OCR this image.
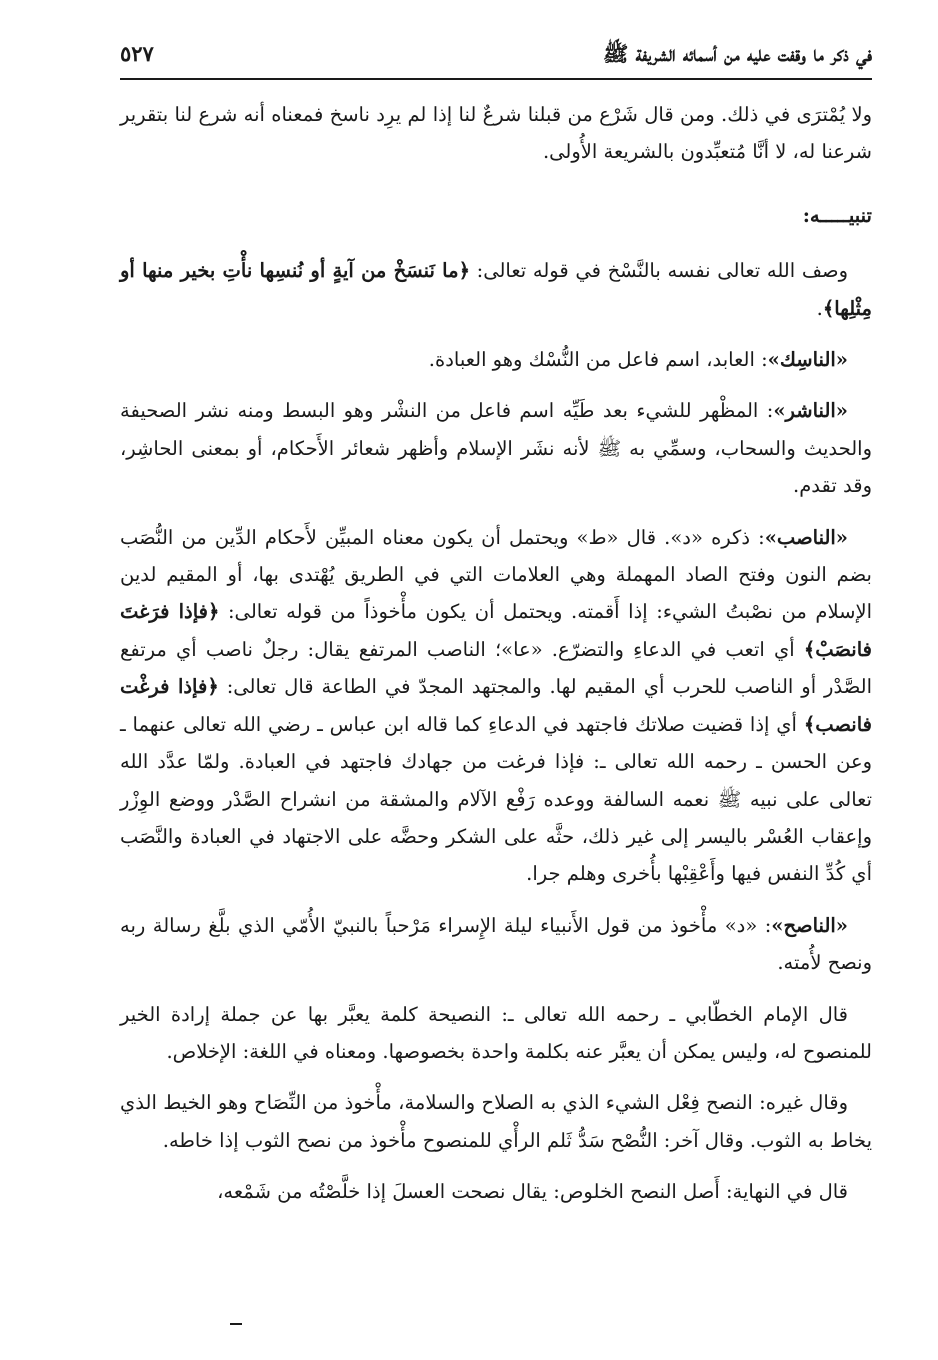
في ذكر ما وقفت عليه من أسمائه الشريفة ﷺ
٥٢٧

ولا يُمْترَى في ذلك. ومن قال شَرْع من قبلنا شرعٌ لنا إذا لم يرِد ناسخ فمعناه أنه شرع لنا بتقرير شرعنا له، لا أنَّا مُتعبِّدون بالشريعة الأُولى.

تنبيـــــه:

وصف الله تعالى نفسه بالنَّسْخ في قوله تعالى: ﴿ما نَنسَخْ من آيةٍ أو نُنسِها نأْتِ بخير منها أو مِثْلِها﴾.

«الناسِك»: العابد، اسم فاعل من النُّسْك وهو العبادة.

«الناشر»: المظْهر للشيء بعد طَيِّه اسم فاعل من النشْر وهو البسط ومنه نشر الصحيفة والحديث والسحاب، وسمِّي به ﷺ لأنه نشَر الإسلام وأظهر شعائر الأَحكام، أو بمعنى الحاشِر، وقد تقدم.

«الناصب»: ذكره «د». قال «ط» ويحتمل أن يكون معناه المبيِّن لأَحكام الدِّين من النُّصَب بضم النون وفتح الصاد المهملة وهي العلامات التي في الطريق يُهْتدى بها، أو المقيم لدين الإسلام من نصْبتُ الشيء: إذا أَقمته. ويحتمل أن يكون مأْخوذاً من قوله تعالى: ﴿فإذا فرَغتَ فانصَبْ﴾ أي اتعب في الدعاءِ والتضرّع. «عا»؛ الناصب المرتفع يقال: رجلٌ ناصب أي مرتفع الصَّدْر أو الناصب للحرب أي المقيم لها. والمجتهد المجدّ في الطاعة قال تعالى: ﴿فإذا فرغْت فانصب﴾ أي إذا قضيت صلاتك فاجتهد في الدعاءِ كما قاله ابن عباس ـ رضي الله تعالى عنهما ـ وعن الحسن ـ رحمه الله تعالى ـ: فإذا فرغت من جهادك فاجتهد في العبادة. ولمّا عدَّد الله تعالى على نبيه ﷺ نعمه السالفة ووعده رَفْع الآلام والمشقة من انشراح الصَّدْر ووضع الوِزْر وإعقاب العُسْر باليسر إلى غير ذلك، حثَّه على الشكر وحضَّه على الاجتهاد في العبادة والنَّصَب أي كُدِّ النفس فيها وأَعْقِبْها بأُخرى وهلم جرا.

«الناصح»: «د» مأْخوذ من قول الأَنبياء ليلة الإِسراء مَرْحباً بالنبيّ الأُمّي الذي بلَّغ رسالة ربه ونصح لأُمته.

قال الإمام الخطّابي ـ رحمه الله تعالى ـ: النصيحة كلمة يعبَّر بها عن جملة إرادة الخير للمنصوح له، وليس يمكن أن يعبَّر عنه بكلمة واحدة بخصوصها. ومعناه في اللغة: الإخلاص.

وقال غيره: النصح فِعْل الشيء الذي به الصلاح والسلامة، مأْخوذ من النِّصَاح وهو الخيط الذي يخاط به الثوب. وقال آخر: النُّصْح سَدُّ ثَلم الرأْي للمنصوح مأْخوذ من نصح الثوب إذا خاطه.

قال في النهاية: أَصل النصح الخلوص: يقال نصحت العسلَ إذا خلَّصْتُه من شَمْعه،
